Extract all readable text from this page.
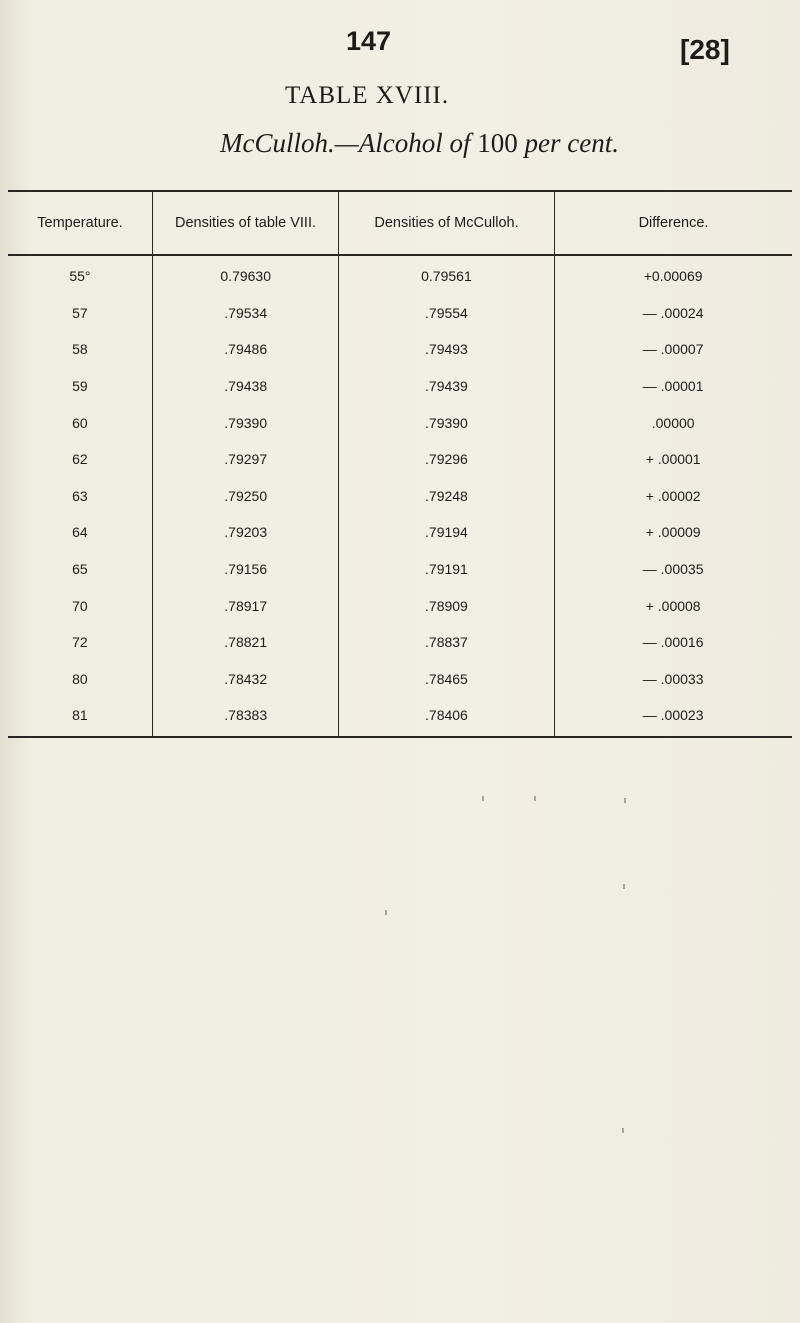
147	[28]
TABLE XVIII.
McCulloh.—Alcohol of 100 per cent.
Temperature.	Densities of table VIII.	Densities of McCulloh.	Difference.
55°	0.79630	0.79561	+0.00069
57	.79534	.79554	— .00024
58	.79486	.79493	— .00007
59	.79438	.79439	— .00001
60	.79390	.79390	.00000
62	.79297	.79296	+ .00001
63	.79250	.79248	+ .00002
64	.79203	.79194	+ .00009
65	.79156	.79191	— .00035
70	.78917	.78909	+ .00008
72	.78821	.78837	— .00016
80	.78432	.78465	— .00033
81	.78383	.78406	— .00023
